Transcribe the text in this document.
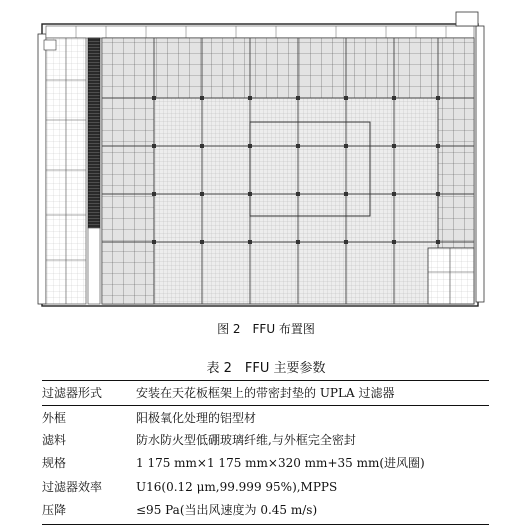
图 2　FFU 布置图
表 2　FFU 主要参数
过滤器形式	安装在天花板框架上的带密封垫的 UPLA 过滤器
外框	阳极氧化处理的铝型材
滤料	防水防火型低硼玻璃纤维,与外框完全密封
规格	1 175 mm×1 175 mm×320 mm+35 mm(进风圈)
过滤器效率	U16(0.12 μm,99.999 95%),MPPS
压降	≤95 Pa(当出风速度为 0.45 m/s)
